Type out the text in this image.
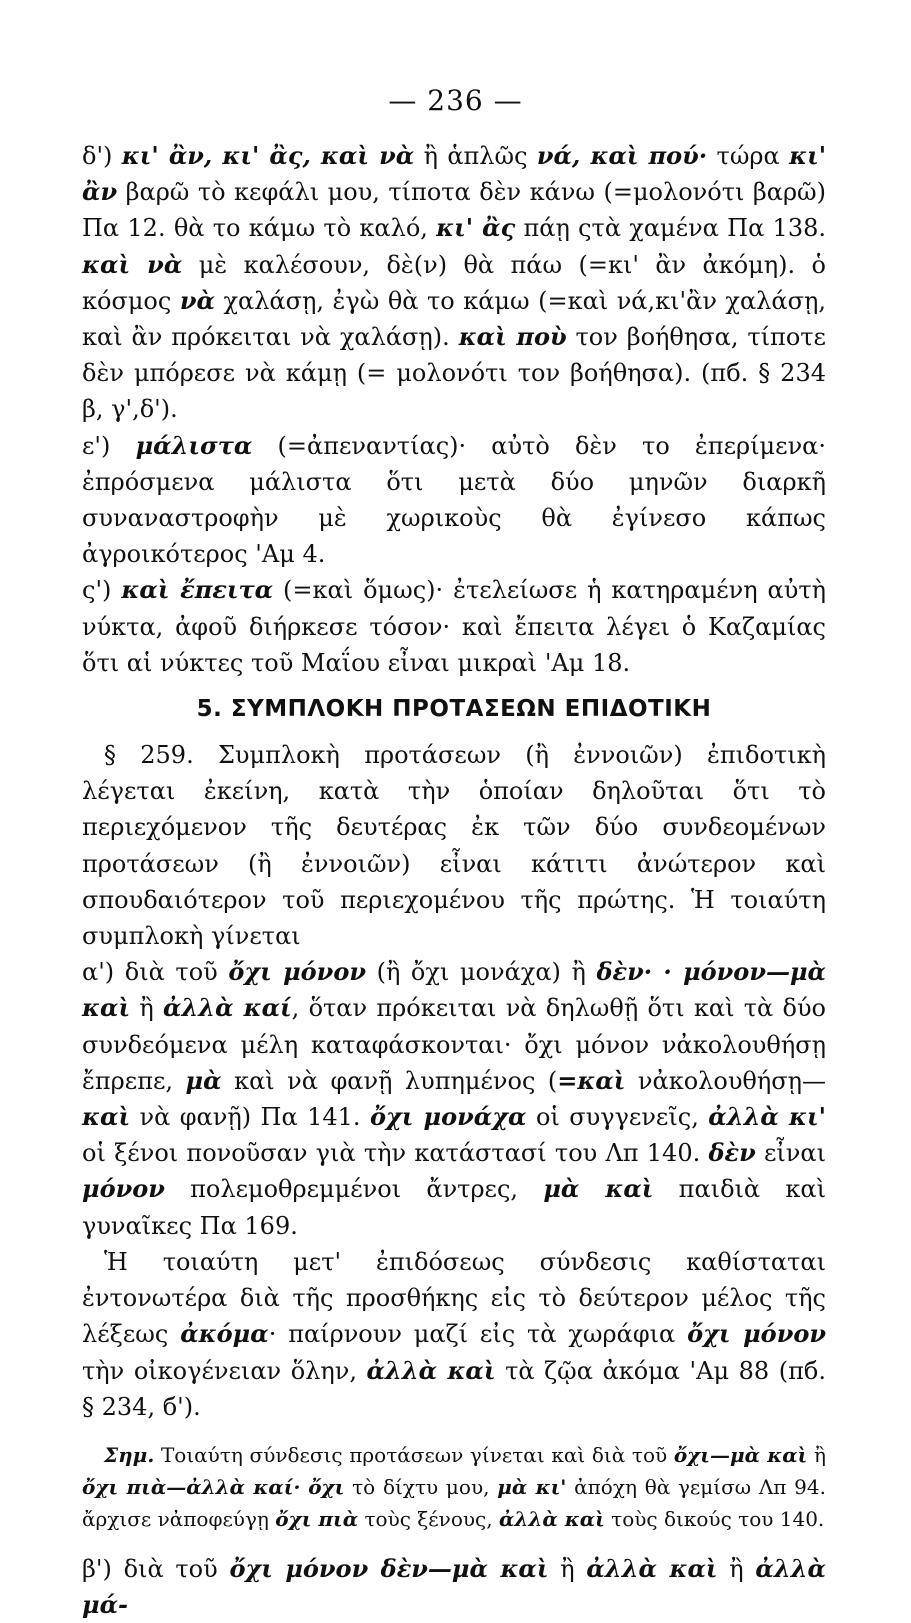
— 236 —

δ') κι' ἂν, κι' ἂς, καὶ νὰ ἢ ἁπλῶς νά, καὶ πού· τώρα κι' ἂν βαρῶ τὸ κεφάλι μου, τίποτα δὲν κάνω (=μολονότι βαρῶ) Πα 12. θὰ το κάμω τὸ καλό, κι' ἂς πάῃ ςτὰ χαμένα Πα 138. καὶ νὰ μὲ καλέσουν, δὲ(ν) θὰ πάω (=κι' ἂν ἀκόμη). ὁ κόσμος νὰ χαλάσῃ, ἐγὼ θὰ το κάμω (=καὶ νά,κι'ἂν χαλάσῃ, καὶ ἂν πρόκειται νὰ χαλάσῃ). καὶ ποὺ τον βοήθησα, τίποτε δὲν μπόρεσε νὰ κάμῃ (= μολονότι τον βοήθησα). (πб. § 234 β, γ',δ').

ε') μάλιστα (=ἀπεναντίας)· αὐτὸ δὲν το ἐπερίμενα· ἐπρόσμενα μάλιστα ὅτι μετὰ δύο μηνῶν διαρκῆ συναναστροφὴν μὲ χωρικοὺς θὰ ἐγίνεσο κάπως ἀγροικότερος 'Αμ 4.

ς') καὶ ἔπειτα (=καὶ ὅμως)· ἐτελείωσε ἡ κατηραμένη αὐτὴ νύκτα, ἀφοῦ διήρκεσε τόσον· καὶ ἔπειτα λέγει ὁ Καζαμίας ὅτι αἱ νύκτες τοῦ Μαΐου εἶναι μικραὶ 'Αμ 18.

5. ΣΥΜΠΛΟΚΗ ΠΡΟΤΑΣΕΩΝ ΕΠΙΔΟΤΙΚΗ

§ 259. Συμπλοκὴ προτάσεων (ἢ ἐννοιῶν) ἐπιδοτικὴ λέγεται ἐκείνη, κατὰ τὴν ὁποίαν δηλοῦται ὅτι τὸ περιεχόμενον τῆς δευτέρας ἐκ τῶν δύο συνδεομένων προτάσεων (ἢ ἐννοιῶν) εἶναι κάτιτι ἀνώτερον καὶ σπουδαιότερον τοῦ περιεχομένου τῆς πρώτης. Ἡ τοιαύτη συμπλοκὴ γίνεται

α') διὰ τοῦ ὄχι μόνον (ἢ ὄχι μονάχα) ἢ δὲν· · μόνον—μὰ καὶ ἢ ἀλλὰ καί, ὅταν πρόκειται νὰ δηλωθῇ ὅτι καὶ τὰ δύο συνδεόμενα μέλη καταφάσκονται· ὄχι μόνον νἀκολουθήσῃ ἔπρεπε, μὰ καὶ νὰ φανῇ λυπημένος (=καὶ νἀκολουθήσῃ—καὶ νὰ φανῇ) Πα 141. ὄχι μονάχα οἱ συγγενεῖς, ἀλλὰ κι' οἱ ξένοι πονοῦσαν γιὰ τὴν κατάστασί του Λπ 140. δὲν εἶναι μόνον πολεμοθρεμμένοι ἄντρες, μὰ καὶ παιδιὰ καὶ γυναῖκες Πα 169.

Ἡ τοιαύτη μετ' ἐπιδόσεως σύνδεσις καθίσταται ἐντονωτέρα διὰ τῆς προσθήκης εἰς τὸ δεύτερον μέλος τῆς λέξεως ἀκόμα· παίρνουν μαζί εἰς τὰ χωράφια ὄχι μόνον τὴν οἰκογένειαν ὅλην, ἀλλὰ καὶ τὰ ζῷα ἀκόμα 'Αμ 88 (πб. § 234, б').

Σημ. Τοιαύτη σύνδεσις προτάσεων γίνεται καὶ διὰ τοῦ ὄχι—μὰ καὶ ἢ ὄχι πιὰ—ἀλλὰ καί· ὄχι τὸ δίχτυ μου, μὰ κι' ἀπόχη θὰ γεμίσω Λπ 94. ἄρχισε νἀποφεύγῃ ὄχι πιὰ τοὺς ξένους, ἀλλὰ καὶ τοὺς δικούς του 140.

β') διὰ τοῦ ὄχι μόνον δὲν—μὰ καὶ ἢ ἀλλὰ καὶ ἢ ἀλλὰ μά-
